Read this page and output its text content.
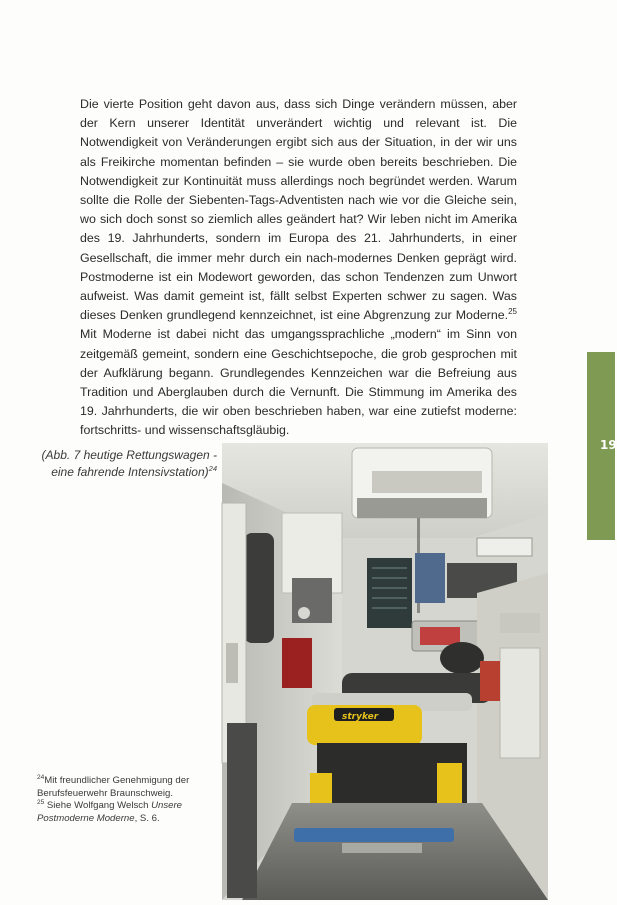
Die vierte Position geht davon aus, dass sich Dinge verändern müssen, aber der Kern unserer Identität unverändert wichtig und relevant ist. Die Notwendigkeit von Veränderungen ergibt sich aus der Situation, in der wir uns als Freikirche momentan befinden – sie wurde oben bereits beschrieben. Die Notwendigkeit zur Kontinuität muss allerdings noch begründet werden. Warum sollte die Rolle der Siebenten-Tags-Adventisten nach wie vor die Gleiche sein, wo sich doch sonst so ziemlich alles geändert hat? Wir leben nicht im Amerika des 19. Jahrhunderts, sondern im Europa des 21. Jahrhunderts, in einer Gesellschaft, die immer mehr durch ein nach-modernes Denken geprägt wird. Postmoderne ist ein Modewort geworden, das schon Tendenzen zum Unwort aufweist. Was damit gemeint ist, fällt selbst Experten schwer zu sagen. Was dieses Denken grundlegend kennzeichnet, ist eine Abgrenzung zur Moderne.$^{25}$ Mit Moderne ist dabei nicht das umgangssprachliche „modern“ im Sinn von zeitgemäß gemeint, sondern eine Geschichtsepoche, die grob gesprochen mit der Aufklärung begann. Grundlegendes Kennzeichen war die Befreiung aus Tradition und Aberglauben durch die Vernunft. Die Stimmung im Amerika des 19. Jahrhunderts, die wir oben beschrieben haben, war eine zutiefst moderne: fortschritts- und wissenschaftsgläubig.

(Abb. 7 heutige Rettungswagen -
eine fahrende Intensivstation)$^{24}$
$^{24}$Mit freundlicher Genehmigung der Berufsfeuerwehr Braunschweig.
$^{25}$ Siehe Wolfgang Welsch Unsere Postmoderne Moderne, S. 6.
stryker
19
